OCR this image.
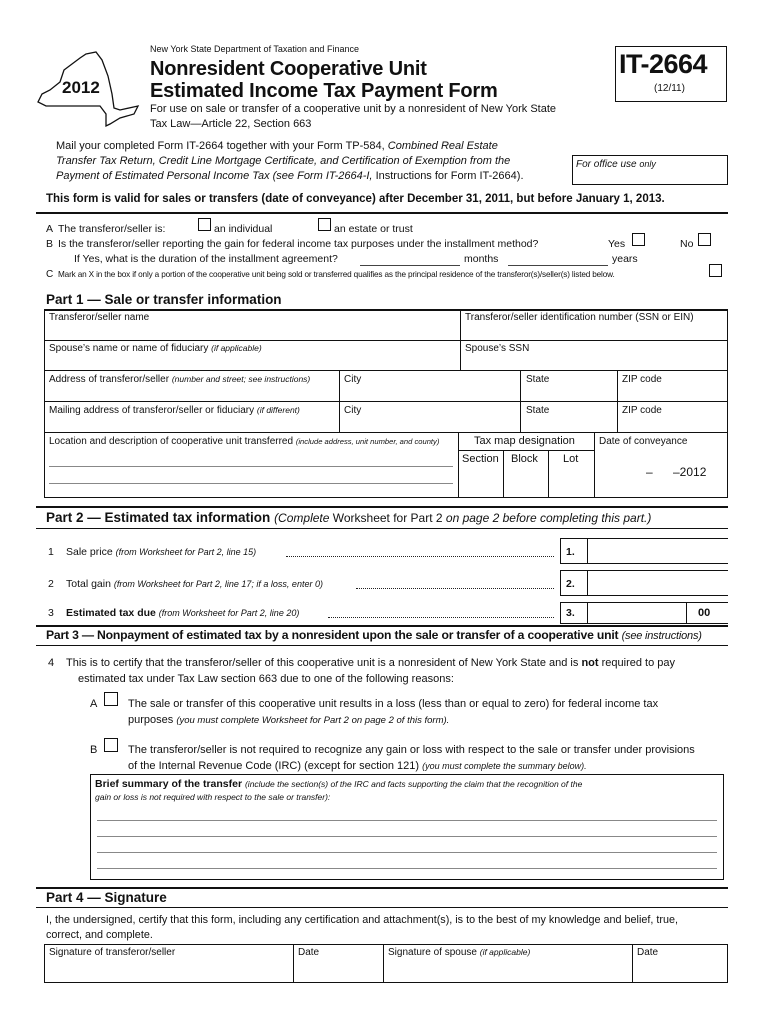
New York State Department of Taxation and Finance
2012
Nonresident Cooperative Unit
Estimated Income Tax Payment Form
For use on sale or transfer of a cooperative unit by a nonresident of New York State
Tax Law—Article 22, Section 663
IT-2664
(12/11)
Mail your completed Form IT-2664 together with your Form TP-584, Combined Real Estate
Transfer Tax Return, Credit Line Mortgage Certificate, and Certification of Exemption from the
Payment of Estimated Personal Income Tax (see Form IT-2664-I, Instructions for Form IT-2664).
For office use only
This form is valid for sales or transfers (date of conveyance) after December 31, 2011, but before January 1, 2013.
A The transferor/seller is:	an individual	an estate or trust
B Is the transferor/seller reporting the gain for federal income tax purposes under the installment method?	Yes	No
If Yes, what is the duration of the installment agreement?	months	years
C Mark an X in the box if only a portion of the cooperative unit being sold or transferred qualifies as the principal residence of the transferor(s)/seller(s) listed below.
Part 1 — Sale or transfer information
Transferor/seller name	Transferor/seller identification number (SSN or EIN)
Spouse’s name or name of fiduciary (if applicable)	Spouse’s SSN
Address of transferor/seller (number and street; see instructions)	City	State	ZIP code
Mailing address of transferor/seller or fiduciary (if different)	City	State	ZIP code
Location and description of cooperative unit transferred (include address, unit number, and county)	Tax map designation
Section Block Lot
Date of conveyance
– –2012
Part 2 — Estimated tax information (Complete Worksheet for Part 2 on page 2 before completing this part.)
1 Sale price (from Worksheet for Part 2, line 15)	1.
2 Total gain (from Worksheet for Part 2, line 17; if a loss, enter 0)	2.
3 Estimated tax due (from Worksheet for Part 2, line 20)	3.	00
Part 3 — Nonpayment of estimated tax by a nonresident upon the sale or transfer of a cooperative unit (see instructions)
4 This is to certify that the transferor/seller of this cooperative unit is a nonresident of New York State and is not required to pay
estimated tax under Tax Law section 663 due to one of the following reasons:
A	The sale or transfer of this cooperative unit results in a loss (less than or equal to zero) for federal income tax
purposes (you must complete Worksheet for Part 2 on page 2 of this form).
B	The transferor/seller is not required to recognize any gain or loss with respect to the sale or transfer under provisions
of the Internal Revenue Code (IRC) (except for section 121) (you must complete the summary below).
Brief summary of the transfer (include the section(s) of the IRC and facts supporting the claim that the recognition of the
gain or loss is not required with respect to the sale or transfer):
Part 4 — Signature
I, the undersigned, certify that this form, including any certification and attachment(s), is to the best of my knowledge and belief, true,
correct, and complete.
Signature of transferor/seller	Date	Signature of spouse (if applicable)	Date
